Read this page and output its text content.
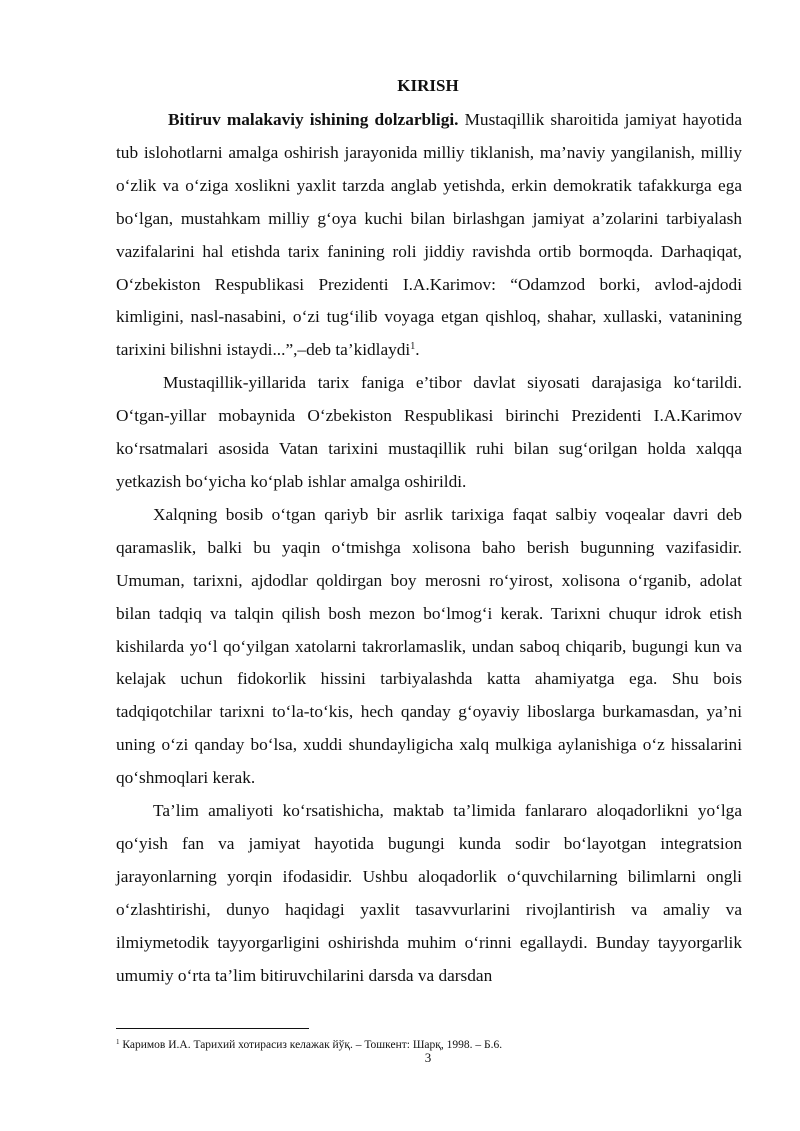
KIRISH

Bitiruv malakaviy ishining dolzarbligi. Mustaqillik sharoitida jamiyat hayotida tub islohotlarni amalga oshirish jarayonida milliy tiklanish, ma’naviy yangilanish, milliy o‘zlik va o‘ziga xoslikni yaxlit tarzda anglab yetishda, erkin demokratik tafakkurga ega bo‘lgan, mustahkam milliy g‘oya kuchi bilan birlashgan jamiyat a’zolarini tarbiyalash vazifalarini hal etishda tarix fanining roli jiddiy ravishda ortib bormoqda. Darhaqiqat, O‘zbekiston Respublikasi Prezidenti I.A.Karimov: “Odamzod borki, avlod-ajdodi kimligini, nasl-nasabini, o‘zi tug‘ilib voyaga etgan qishloq, shahar, xullaski, vatanining tarixini bilishni istaydi...”,–deb ta’kidlaydi$^1$.

Mustaqillik-yillarida tarix faniga e’tibor davlat siyosati darajasiga ko‘tarildi. O‘tgan-yillar mobaynida O‘zbekiston Respublikasi birinchi Prezidenti I.A.Karimov ko‘rsatmalari asosida Vatan tarixini mustaqillik ruhi bilan sug‘orilgan holda xalqqa yetkazish bo‘yicha ko‘plab ishlar amalga oshirildi.

Xalqning bosib o‘tgan qariyb bir asrlik tarixiga faqat salbiy voqealar davri deb qaramaslik, balki bu yaqin o‘tmishga xolisona baho berish bugunning vazifasidir. Umuman, tarixni, ajdodlar qoldirgan boy merosni ro‘yirost, xolisona o‘rganib, adolat bilan tadqiq va talqin qilish bosh mezon bo‘lmog‘i kerak. Tarixni chuqur idrok etish kishilarda yo‘l qo‘yilgan xatolarni takrorlamaslik, undan saboq chiqarib, bugungi kun va kelajak uchun fidokorlik hissini tarbiyalashda katta ahamiyatga ega. Shu bois tadqiqotchilar tarixni to‘la-to‘kis, hech qanday g‘oyaviy liboslarga burkamasdan, ya’ni uning o‘zi qanday bo‘lsa, xuddi shundayligicha xalq mulkiga aylanishiga o‘z hissalarini qo‘shmoqlari kerak.

Ta’lim amaliyoti ko‘rsatishicha, maktab ta’limida fanlararo aloqadorlikni yo‘lga qo‘yish fan va jamiyat hayotida bugungi kunda sodir bo‘layotgan integratsion jarayonlarning yorqin ifodasidir. Ushbu aloqadorlik o‘quvchilarning bilimlarni ongli o‘zlashtirishi, dunyo haqidagi yaxlit tasavvurlarini rivojlantirish va amaliy va ilmiymetodik tayyorgarligini oshirishda muhim o‘rinni egallaydi. Bunday tayyorgarlik umumiy o‘rta ta’lim bitiruvchilarini darsda va darsdan

$^1$ Каримов И.А. Тарихий хотирасиз келажак йўқ. – Тошкент: Шарқ, 1998. – Б.6.
3
